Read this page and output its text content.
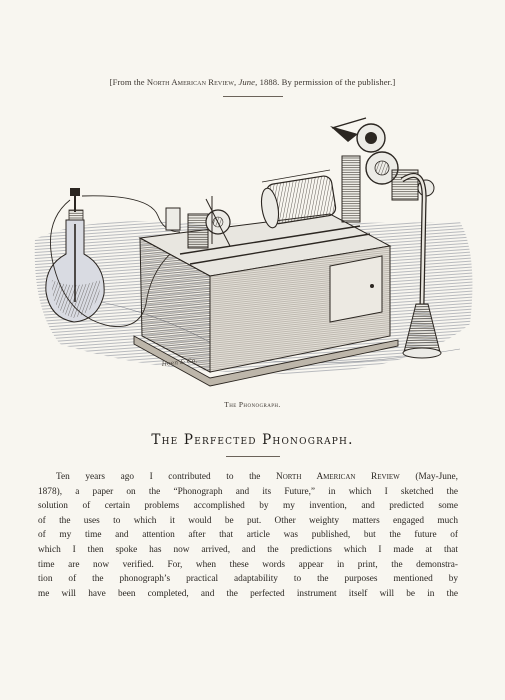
[From the North American Review, June, 1888. By permission of the publisher.]
Hoen & Co.
The Phonograph.
The Perfected Phonograph.
Ten years ago I contributed to the North American Review (May-June,
1878), a paper on the “Phonograph and its Future,” in which I sketched the
solution of certain problems accomplished by my invention, and predicted some
of the uses to which it would be put. Other weighty matters engaged much
of my time and attention after that article was published, but the future of
which I then spoke has now arrived, and the predictions which I made at that
time are now verified. For, when these words appear in print, the demonstra-
tion of the phonograph’s practical adaptability to the purposes mentioned by
me will have been completed, and the perfected instrument itself will be in the
